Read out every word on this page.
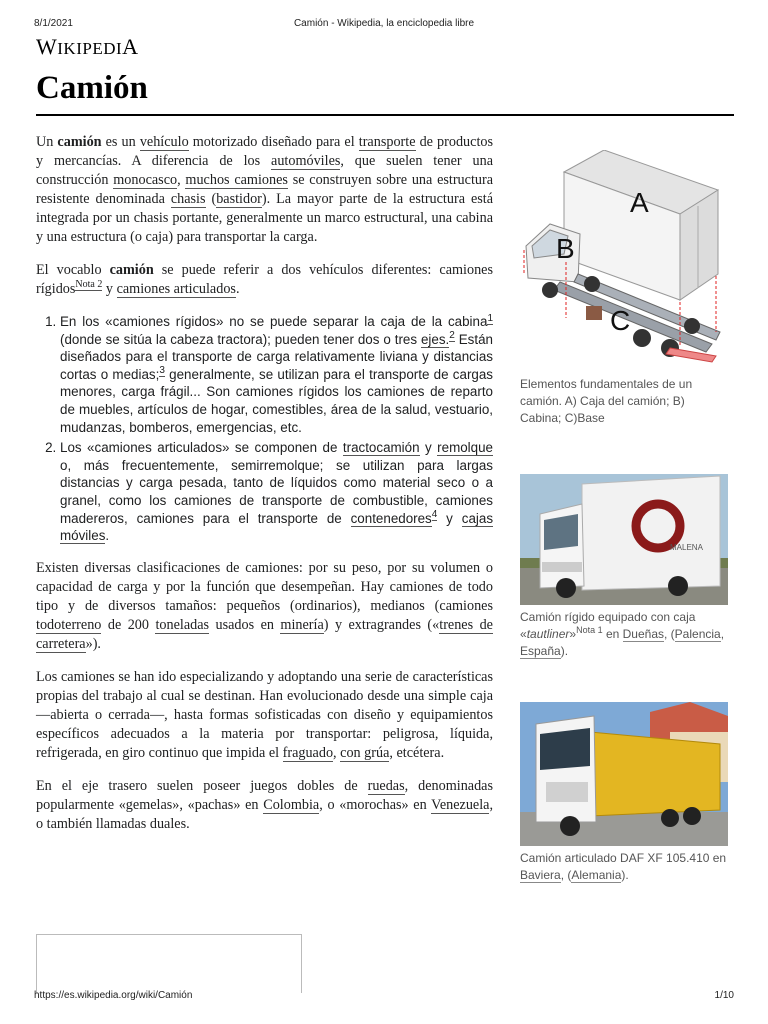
8/1/2021	Camión - Wikipedia, la enciclopedia libre
WIKIPEDIA
Camión

Un camión es un vehículo motorizado diseñado para el transporte de productos y mercancías. A diferencia de los automóviles, que suelen tener una construcción monocasco, muchos camiones se construyen sobre una estructura resistente denominada chasis (bastidor). La mayor parte de la estructura está integrada por un chasis portante, generalmente un marco estructural, una cabina y una estructura (o caja) para transportar la carga.

El vocablo camión se puede referir a dos vehículos diferentes: camiones rígidos$^{Nota 2}$ y camiones articulados.

1. En los «camiones rígidos» no se puede separar la caja de la cabina$^1$ (donde se sitúa la cabeza tractora); pueden tener dos o tres ejes.$^2$ Están diseñados para el transporte de carga relativamente liviana y distancias cortas o medias;$^3$ generalmente, se utilizan para el transporte de cargas menores, carga frágil... Son camiones rígidos los camiones de reparto de muebles, artículos de hogar, comestibles, área de la salud, vestuario, mudanzas, bomberos, emergencias, etc.
2. Los «camiones articulados» se componen de tractocamión y remolque o, más frecuentemente, semirremolque; se utilizan para largas distancias y carga pesada, tanto de líquidos como material seco o a granel, como los camiones de transporte de combustible, camiones madereros, camiones para el transporte de contenedores$^4$ y cajas móviles.

Existen diversas clasificaciones de camiones: por su peso, por su volumen o capacidad de carga y por la función que desempeñan. Hay camiones de todo tipo y de diversos tamaños: pequeños (ordinarios), medianos (camiones todoterreno de 200 toneladas usados en minería) y extragrandes («trenes de carretera»).

Los camiones se han ido especializando y adoptando una serie de características propias del trabajo al cual se destinan. Han evolucionado desde una simple caja —abierta o cerrada—, hasta formas sofisticadas con diseño y equipamientos específicos adecuados a la materia por transportar: peligrosa, líquida, refrigerada, en giro continuo que impida el fraguado, con grúa, etcétera.

En el eje trasero suelen poseer juegos dobles de ruedas, denominadas popularmente «gemelas», «pachas» en Colombia, o «morochas» en Venezuela, o también llamadas duales.

A
B
C
Elementos fundamentales de un camión. A) Caja del camión; B) Cabina; C)Base
MALENA
Camión rígido equipado con caja «tautliner»$^{Nota 1}$ en Dueñas, (Palencia, España).
Camión articulado DAF XF 105.410 en Baviera, (Alemania).
https://es.wikipedia.org/wiki/Camión	1/10
